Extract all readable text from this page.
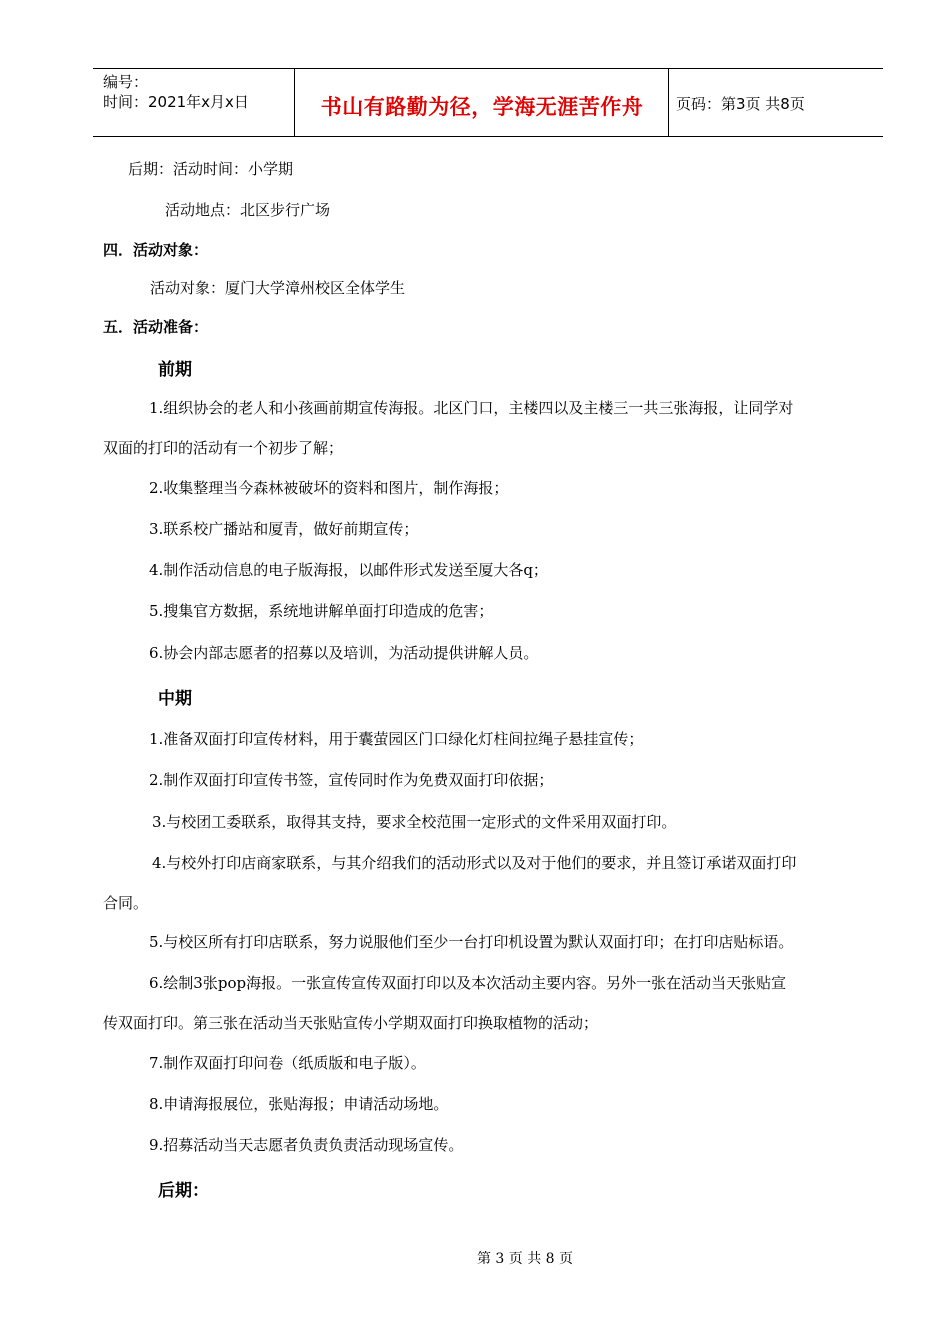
编号：
时间：2021年x月x日	书山有路勤为径，学海无涯苦作舟	页码：第3页 共8页
后期：活动时间：小学期
活动地点：北区步行广场
四．活动对象：
活动对象：厦门大学漳州校区全体学生
五．活动准备：
前期
1.组织协会的老人和小孩画前期宣传海报。北区门口，主楼四以及主楼三一共三张海报，让同学对
双面的打印的活动有一个初步了解；
2.收集整理当今森林被破坏的资料和图片，制作海报；
3.联系校广播站和厦青，做好前期宣传；
4.制作活动信息的电子版海报，以邮件形式发送至厦大各q；
5.搜集官方数据，系统地讲解单面打印造成的危害；
6.协会内部志愿者的招募以及培训，为活动提供讲解人员。
中期
1.准备双面打印宣传材料，用于囊萤园区门口绿化灯柱间拉绳子悬挂宣传；
2.制作双面打印宣传书签，宣传同时作为免费双面打印依据；
3.与校团工委联系，取得其支持，要求全校范围一定形式的文件采用双面打印。
4.与校外打印店商家联系，与其介绍我们的活动形式以及对于他们的要求，并且签订承诺双面打印
合同。
5.与校区所有打印店联系，努力说服他们至少一台打印机设置为默认双面打印；在打印店贴标语。
6.绘制3张pop海报。一张宣传宣传双面打印以及本次活动主要内容。另外一张在活动当天张贴宣
传双面打印。第三张在活动当天张贴宣传小学期双面打印换取植物的活动；
7.制作双面打印问卷（纸质版和电子版）。
8.申请海报展位，张贴海报；申请活动场地。
9.招募活动当天志愿者负责负责活动现场宣传。
后期：
第 3 页 共 8 页
